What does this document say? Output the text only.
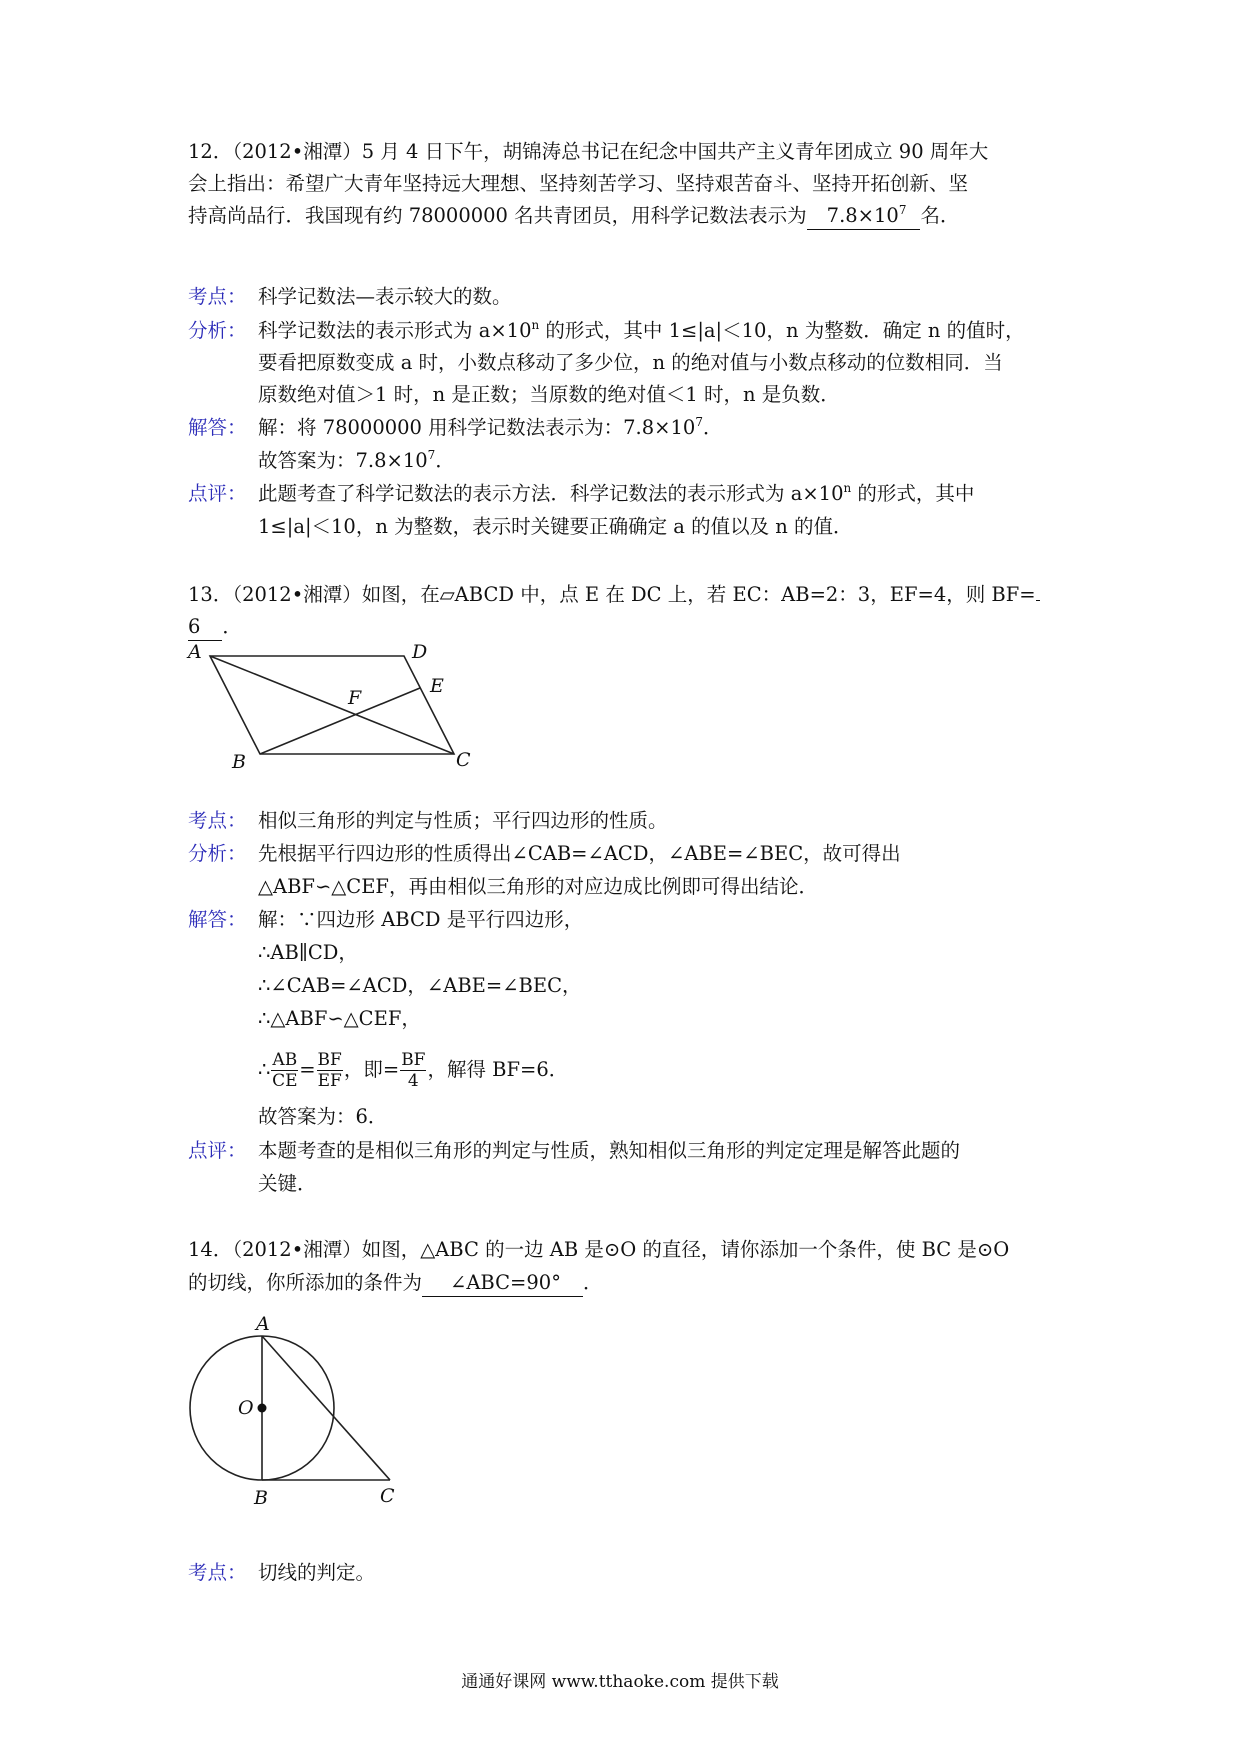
12．（2012•湘潭）5 月 4 日下午，胡锦涛总书记在纪念中国共产主义青年团成立 90 周年大
会上指出：希望广大青年坚持远大理想、坚持刻苦学习、坚持艰苦奋斗、坚持开拓创新、坚
持高尚品行．我国现有约 78000000 名共青团员，用科学记数法表示为 $7.8\times 10^7$ 名．
考点： 科学记数法—表示较大的数。
分析： 科学记数法的表示形式为 $a\times 10^n$ 的形式，其中 1≤|a|＜10，n 为整数．确定 n 的值时，
要看把原数变成 a 时，小数点移动了多少位，n 的绝对值与小数点移动的位数相同．当
原数绝对值＞1 时，n 是正数；当原数的绝对值＜1 时，n 是负数．
解答： 解：将 78000000 用科学记数法表示为：$7.8\times 10^7$．
故答案为：$7.8\times 10^7$．
点评： 此题考查了科学记数法的表示方法．科学记数法的表示形式为 $a\times 10^n$ 的形式，其中
1≤|a|＜10，n 为整数，表示时关键要正确确定 a 的值以及 n 的值．
13．（2012•湘潭）如图，在▱ABCD 中，点 E 在 DC 上，若 EC：AB=2：3，EF=4，则 BF=
6 ．
A	D
E
F
B	C
考点： 相似三角形的判定与性质；平行四边形的性质。
分析： 先根据平行四边形的性质得出∠CAB=∠ACD，∠ABE=∠BEC，故可得出
△ABF∽△CEF，再由相似三角形的对应边成比例即可得出结论．
解答： 解：∵四边形 ABCD 是平行四边形，
∴AB∥CD，
∴∠CAB=∠ACD，∠ABE=∠BEC，
∴△ABF∽△CEF，
∴ $\frac{AB}{CE} = \frac{BF}{EF}$ ，即= $\frac{BF}{4}$ ，解得 BF=6．
故答案为：6．
点评： 本题考查的是相似三角形的判定与性质，熟知相似三角形的判定定理是解答此题的
关键．
14．（2012•湘潭）如图，△ABC 的一边 AB 是⊙O 的直径，请你添加一个条件，使 BC 是⊙O
的切线，你所添加的条件为 ∠ABC=90° ．
A
O
B	C
考点： 切线的判定。
通通好课网 www.tthaoke.com 提供下载
